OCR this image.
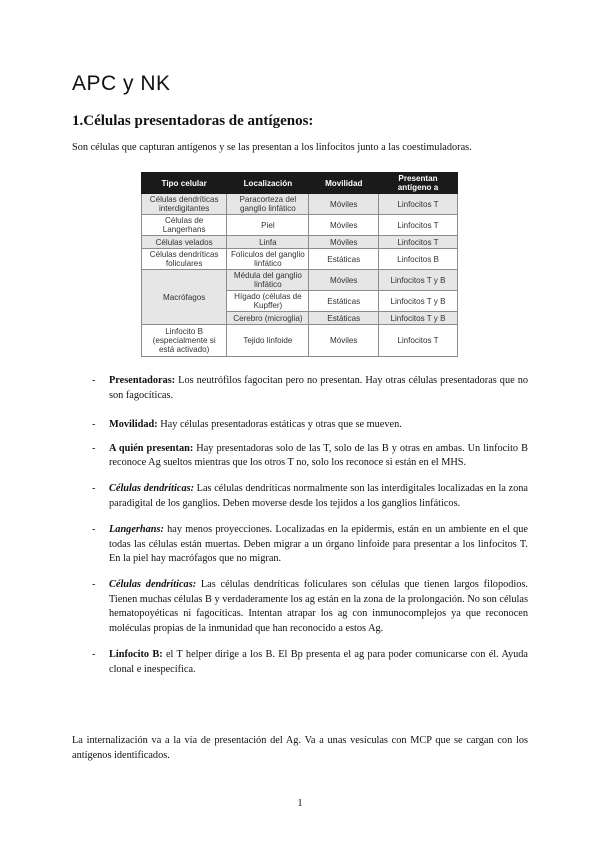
APC y NK
1.Células presentadoras de antígenos:

Son células que capturan antígenos y se las presentan a los linfocitos junto a las coestimuladoras.

Tipo celular	Localización	Movilidad	Presentan antígeno a
Células dendríticas interdigitantes	Paracorteza del ganglio linfático	Móviles	Linfocitos T
Células de Langerhans	Piel	Móviles	Linfocitos T
Células velados	Linfa	Móviles	Linfocitos T
Células dendríticas foliculares	Folículos del ganglio linfático	Estáticas	Linfocitos B
Macrófagos	Médula del ganglio linfático	Móviles	Linfocitos T y B
	Hígado (células de Kupffer)	Estáticas	Linfocitos T y B
	Cerebro (microglia)	Estáticas	Linfocitos T y B
Linfocito B (especialmente si está activado)	Tejido linfoide	Móviles	Linfocitos T
- Presentadoras: Los neutrófilos fagocitan pero no presentan. Hay otras células presentadoras que no son fagocíticas.
- Movilidad: Hay células presentadoras estáticas y otras que se mueven.
- A quién presentan: Hay presentadoras solo de las T, solo de las B y otras en ambas. Un linfocito B reconoce Ag sueltos mientras que los otros T no, solo los reconoce si están en el MHS.
- Células dendríticas: Las células dendríticas normalmente son las interdigitales localizadas en la zona paradigital de los ganglios. Deben moverse desde los tejidos a los ganglios linfáticos.
- Langerhans: hay menos proyecciones. Localizadas en la epidermis, están en un ambiente en el que todas las células están muertas. Deben migrar a un órgano linfoide para presentar a los linfocitos T. En la piel hay macrófagos que no migran.
- Células dendríticas: Las células dendríticas foliculares son células que tienen largos filopodios. Tienen muchas células B y verdaderamente los ag están en la zona de la prolongación. No son células hematopoyéticas ni fagocíticas. Intentan atrapar los ag con inmunocomplejos ya que reconocen moléculas propias de la inmunidad que han reconocido a estos Ag.
- Linfocito B: el T helper dirige a los B. El Bp presenta el ag para poder comunicarse con él. Ayuda clonal e inespecífica.

La internalización va a la vía de presentación del Ag. Va a unas vesículas con MCP que se cargan con los antígenos identificados.

1
